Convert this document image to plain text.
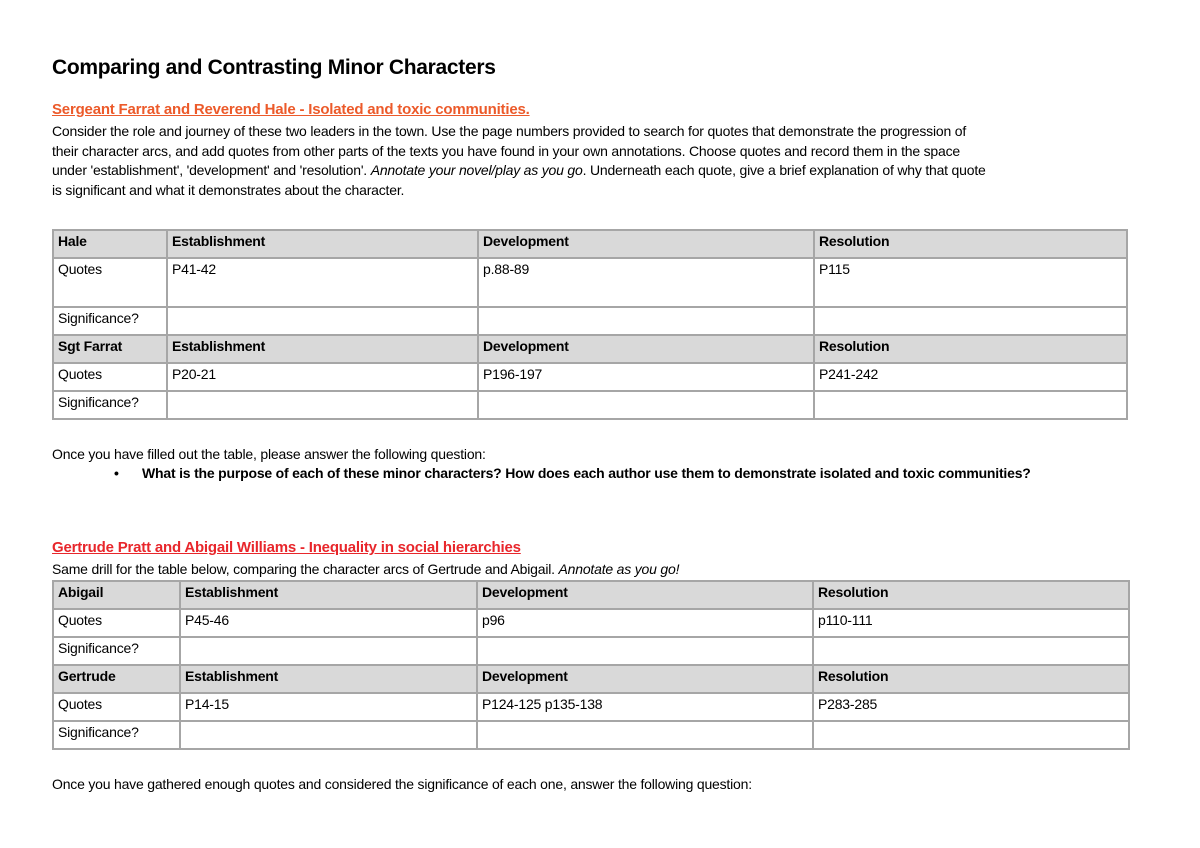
Comparing and Contrasting Minor Characters
Sergeant Farrat and Reverend Hale - Isolated and toxic communities.
Consider the role and journey of these two leaders in the town. Use the page numbers provided to search for quotes that demonstrate the progression of
their character arcs, and add quotes from other parts of the texts you have found in your own annotations. Choose quotes and record them in the space
under 'establishment', 'development' and 'resolution'. Annotate your novel/play as you go. Underneath each quote, give a brief explanation of why that quote
is significant and what it demonstrates about the character.
Hale	Establishment	Development	Resolution
Quotes	P41-42	p.88-89	P115
Significance?			
Sgt Farrat	Establishment	Development	Resolution
Quotes	P20-21	P196-197	P241-242
Significance?			
Once you have filled out the table, please answer the following question:
• What is the purpose of each of these minor characters? How does each author use them to demonstrate isolated and toxic communities?
Gertrude Pratt and Abigail Williams - Inequality in social hierarchies
Same drill for the table below, comparing the character arcs of Gertrude and Abigail. Annotate as you go!
Abigail	Establishment	Development	Resolution
Quotes	P45-46	p96	p110-111
Significance?			
Gertrude	Establishment	Development	Resolution
Quotes	P14-15	P124-125 p135-138	P283-285
Significance?			
Once you have gathered enough quotes and considered the significance of each one, answer the following question:
